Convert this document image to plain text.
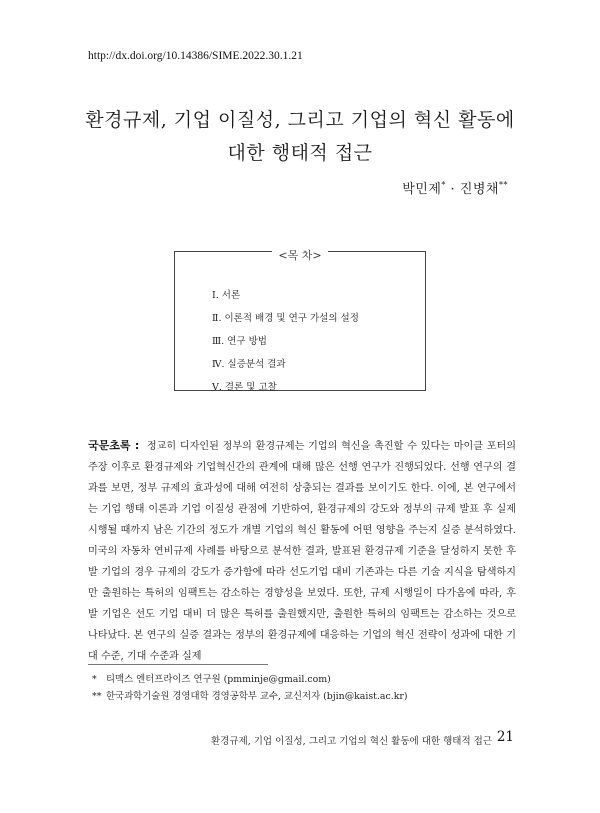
http://dx.doi.org/10.14386/SIME.2022.30.1.21
환경규제, 기업 이질성, 그리고 기업의 혁신 활동에
대한 행태적 접근
박민제* · 진병채**
<목 차>
Ⅰ. 서론
Ⅱ. 이론적 배경 및 연구 가설의 설정
Ⅲ. 연구 방법
Ⅳ. 실증분석 결과
Ⅴ. 결론 및 고찰
국문초록 : 정교히 디자인된 정부의 환경규제는 기업의 혁신을 촉진할 수 있다는 마이클 포터의 주장 이후로 환경규제와 기업혁신간의 관계에 대해 많은 선행 연구가 진행되었다. 선행 연구의 결과를 보면, 정부 규제의 효과성에 대해 여전히 상충되는 결과를 보이기도 한다. 이에, 본 연구에서는 기업 행태 이론과 기업 이질성 관점에 기반하여, 환경규제의 강도와 정부의 규제 발표 후 실제 시행될 때까지 남은 기간의 정도가 개별 기업의 혁신 활동에 어떤 영향을 주는지 실증 분석하였다. 미국의 자동차 연비규제 사례를 바탕으로 분석한 결과, 발표된 환경규제 기준을 달성하지 못한 후발 기업의 경우 규제의 강도가 증가함에 따라 선도기업 대비 기존과는 다른 기술 지식을 탐색하지만 출원하는 특허의 임팩트는 감소하는 경향성을 보였다. 또한, 규제 시행일이 다가옴에 따라, 후발 기업은 선도 기업 대비 더 많은 특허를 출원했지만, 출원한 특허의 임팩트는 감소하는 것으로 나타났다. 본 연구의 실증 결과는 정부의 환경규제에 대응하는 기업의 혁신 전략이 성과에 대한 기대 수준, 기대 수준과 실제
* 티맥스 엔터프라이즈 연구원 (pmminje@gmail.com)
** 한국과학기술원 경영대학 경영공학부 교수, 교신저자 (bjin@kaist.ac.kr)
환경규제, 기업 이질성, 그리고 기업의 혁신 활동에 대한 행태적 접근 21
